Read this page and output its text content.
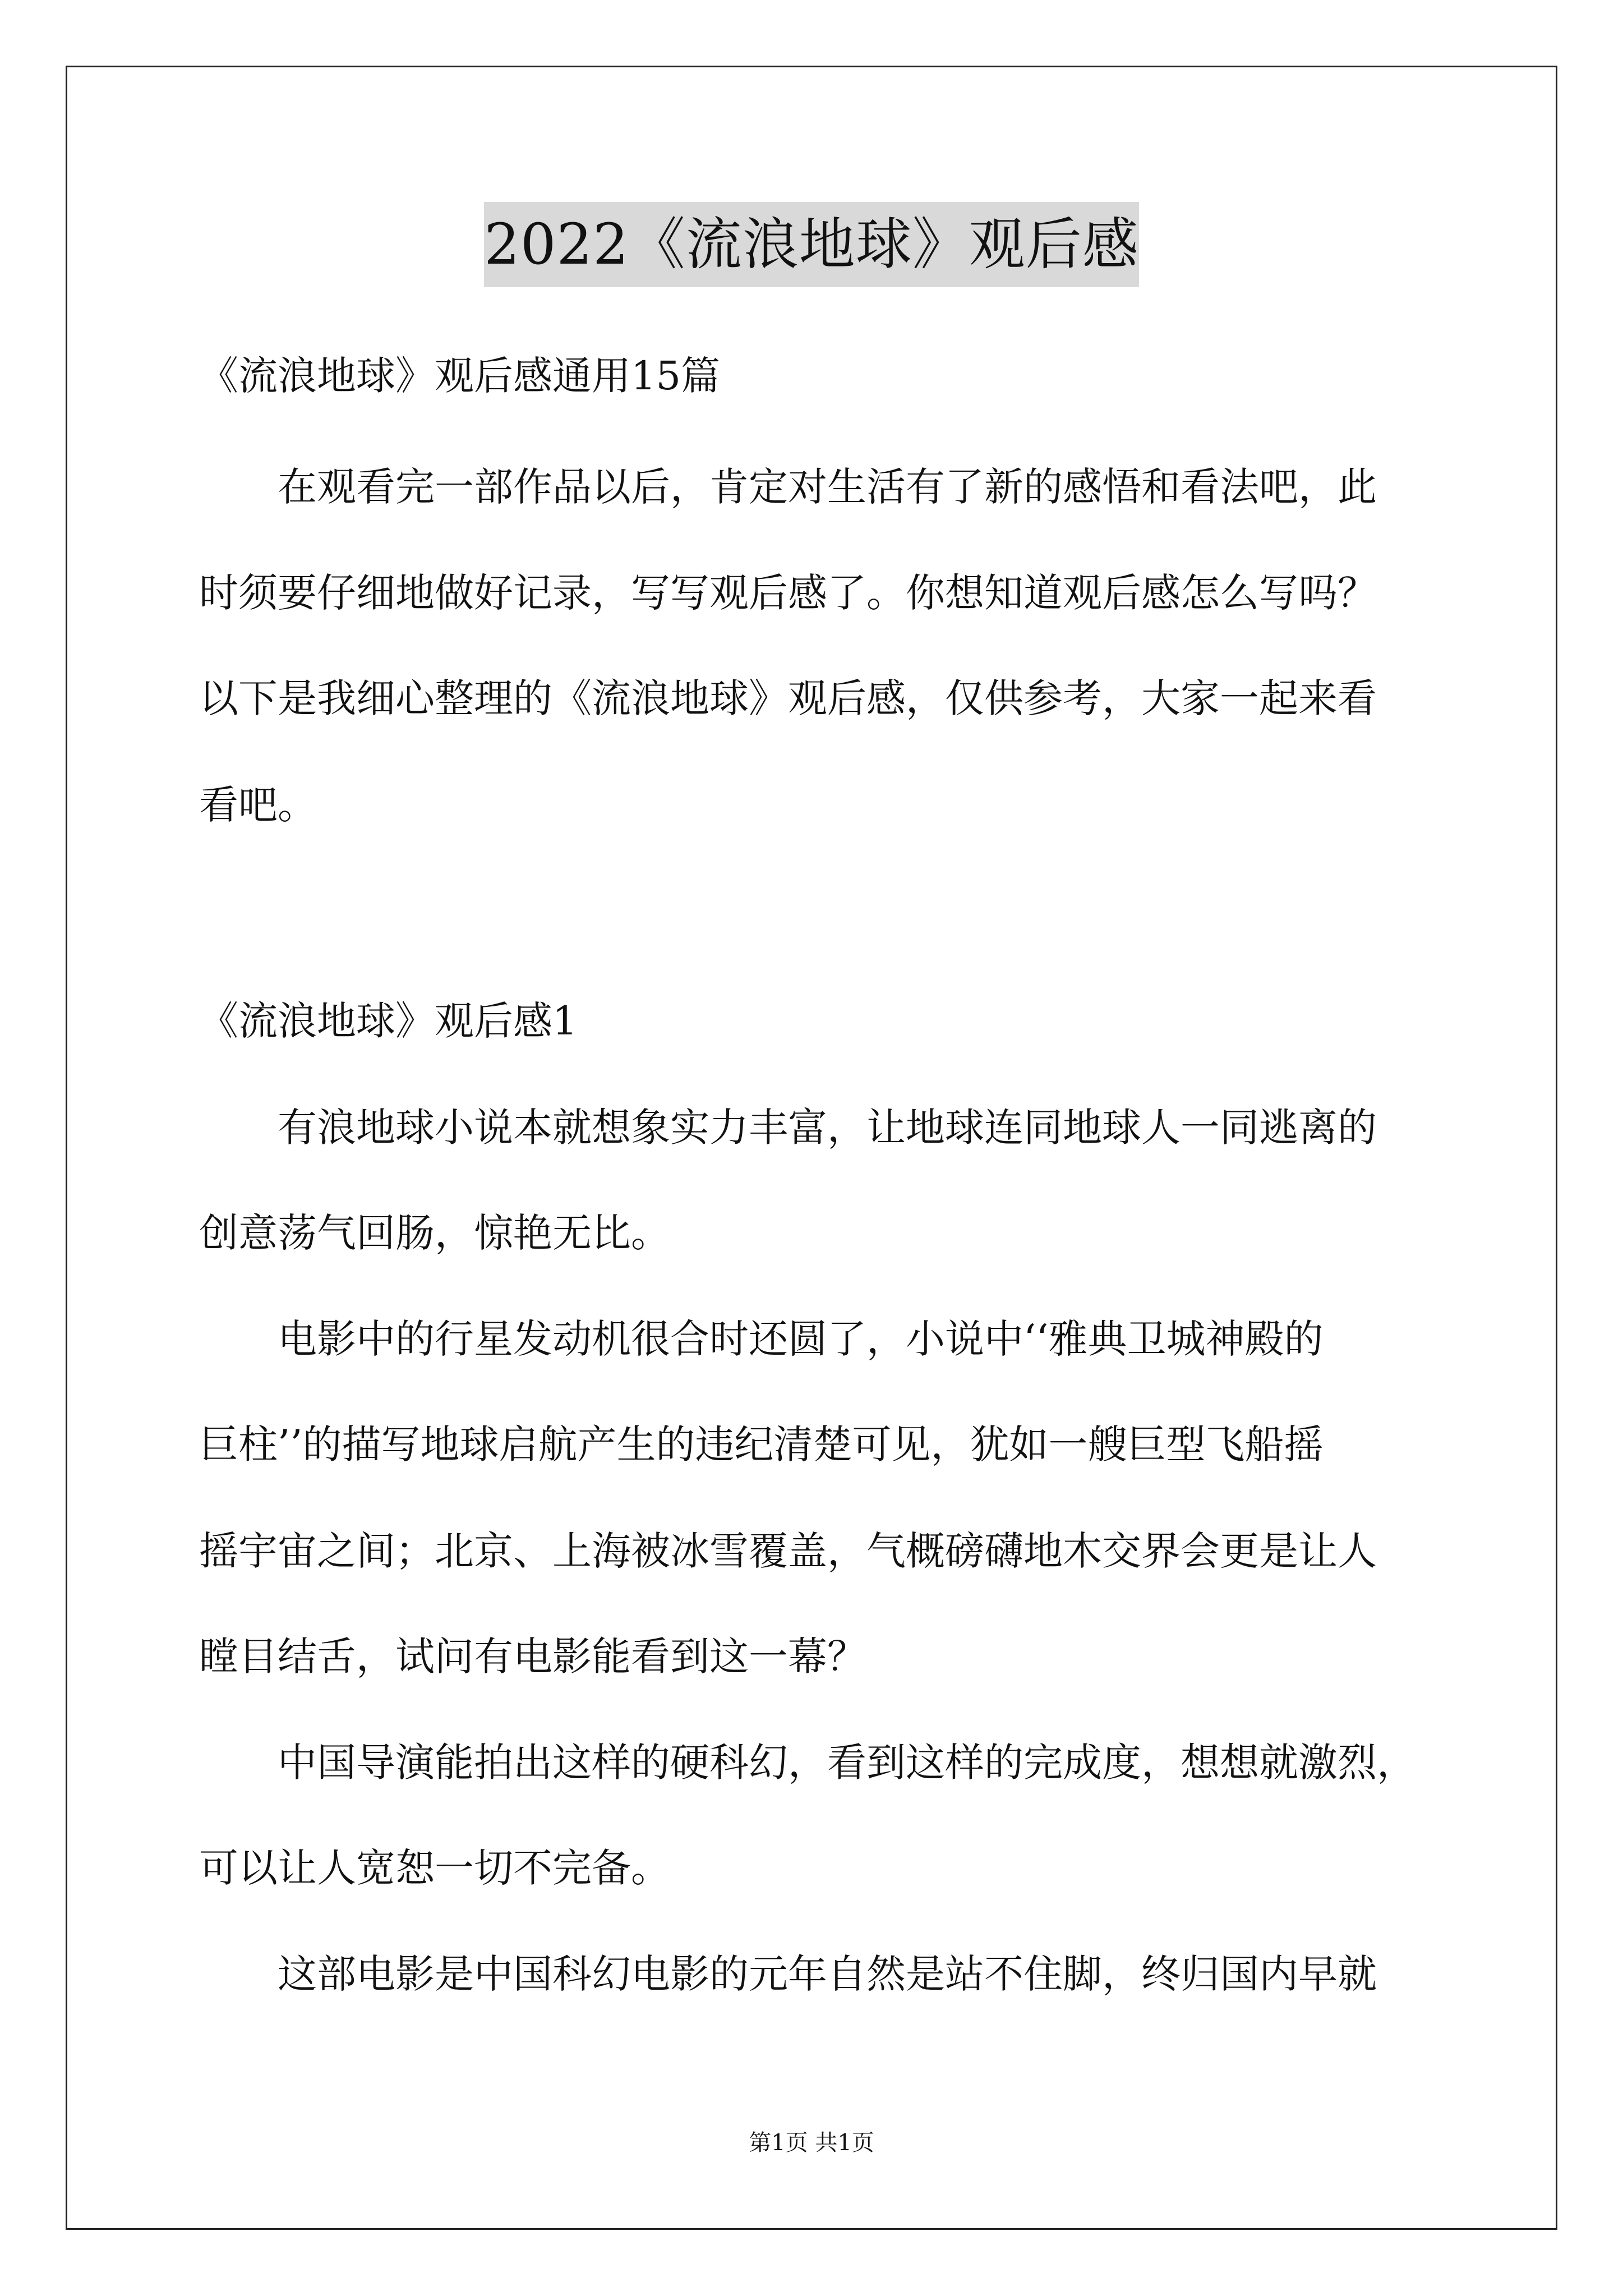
2022《流浪地球》观后感
《流浪地球》观后感通用15篇
在观看完一部作品以后，肯定对生活有了新的感悟和看法吧，此
时须要仔细地做好记录，写写观后感了。你想知道观后感怎么写吗？
以下是我细心整理的《流浪地球》观后感，仅供参考，大家一起来看
看吧。
《流浪地球》观后感1
有浪地球小说本就想象实力丰富，让地球连同地球人一同逃离的
创意荡气回肠，惊艳无比。
电影中的行星发动机很合时还圆了，小说中‘‘雅典卫城神殿的
巨柱’’的描写地球启航产生的违纪清楚可见，犹如一艘巨型飞船摇
摇宇宙之间；北京、上海被冰雪覆盖，气概磅礴地木交界会更是让人
瞠目结舌，试问有电影能看到这一幕？
中国导演能拍出这样的硬科幻，看到这样的完成度，想想就激烈，
可以让人宽恕一切不完备。
这部电影是中国科幻电影的元年自然是站不住脚，终归国内早就
第1页 共1页
